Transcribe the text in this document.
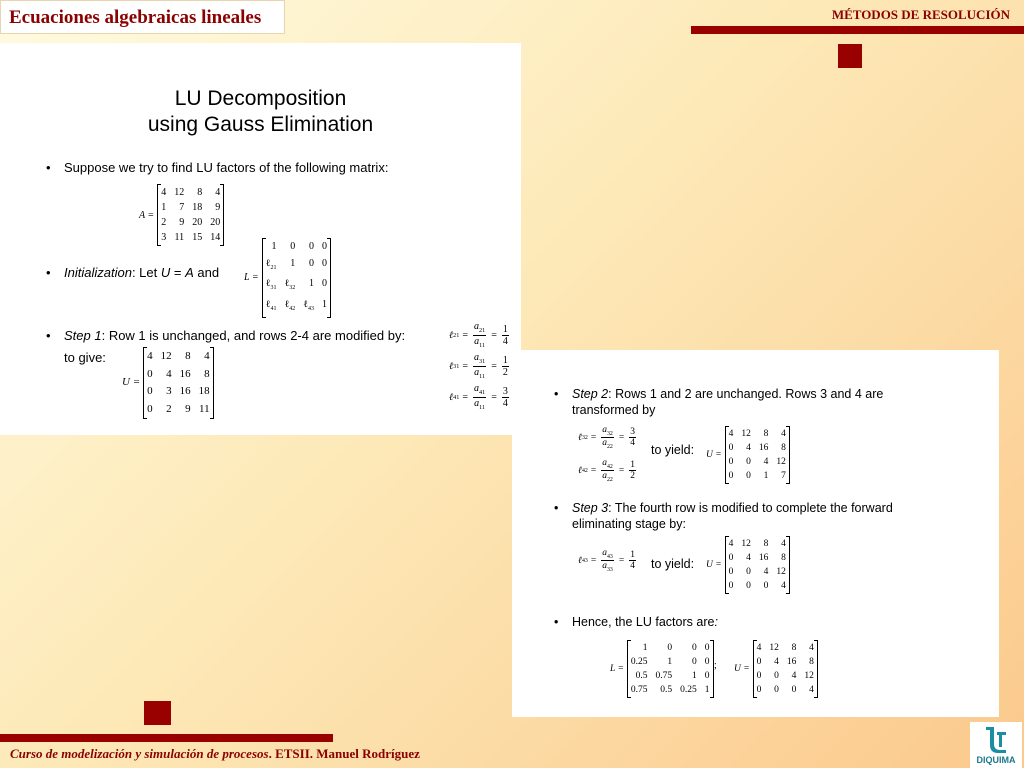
Ecuaciones algebraicas lineales	MÉTODOS DE RESOLUCIÓN
LU Decomposition
using Gauss Elimination
• Suppose we try to find LU factors of the following matrix:
A =
4 12	8	4
1	7 18	9
2	9 20 20
3 11 15 14
• Initialization: Let U = A and L =
1	0	0 0
ℓ$_{21}$	1	0 0
ℓ$_{31}$ ℓ$_{32}$	1 0
ℓ$_{41}$ ℓ$_{42}$ ℓ$_{43}$ 1
• Step 1: Row 1 is unchanged, and rows 2-4 are modified by:
to give:
ℓ $21 = \frac{a_{21}}{a_{11}} = \frac{1}{4}$
ℓ $31 = \frac{a_{31}}{a_{11}} = \frac{1}{2}$
ℓ $41 = \frac{a_{41}}{a_{11}} = \frac{3}{4}$
U =
4 12	8	4
0	4 16	8
0	3 16 18
0	2	9 11
• Step 2: Rows 1 and 2 are unchanged. Rows 3 and 4 are transformed by
ℓ $32 = \frac{a_{32}}{a_{22}} = \frac{3}{4}$
ℓ $42 = \frac{a_{42}}{a_{22}} = \frac{1}{2}$
to yield: U =
4 12	8	4
0	4 16	8
0	0	4 12
0	0	1	7
• Step 3: The fourth row is modified to complete the forward eliminating stage by:
ℓ $43 = \frac{a_{43}}{a_{33}} = \frac{1}{4}$ to yield: U =
4 12	8	4
0	4 16	8
0	0	4 12
0	0	0	4
• Hence, the LU factors are:
L =
1	0	0 0
0.25	1	0 0
0.5 0.75	1 0
0.75	0.5 0.25 1
; U =
4 12	8	4
0	4 16	8
0	0	4 12
0	0	0	4
Curso de modelización y simulación de procesos. ETSII. Manuel Rodríguez	DIQUIMA
